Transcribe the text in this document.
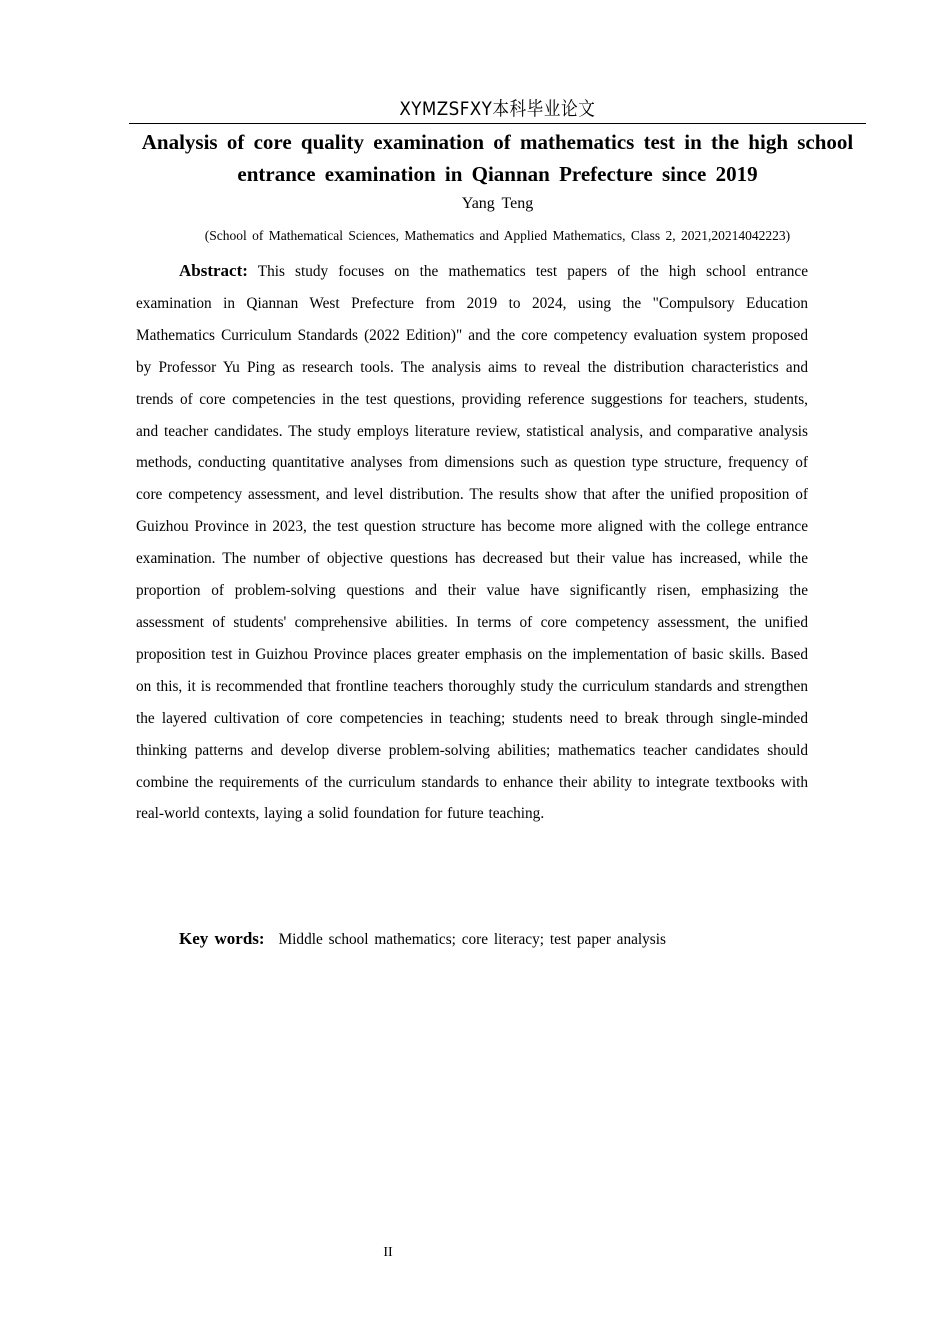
XYMZSFXY本科毕业论文
Analysis of core quality examination of mathematics test in the high school entrance examination in Qiannan Prefecture since 2019
Yang Teng
(School of Mathematical Sciences, Mathematics and Applied Mathematics, Class 2, 2021,20214042223)

Abstract: This study focuses on the mathematics test papers of the high school entrance examination in Qiannan West Prefecture from 2019 to 2024, using the "Compulsory Education Mathematics Curriculum Standards (2022 Edition)" and the core competency evaluation system proposed by Professor Yu Ping as research tools. The analysis aims to reveal the distribution characteristics and trends of core competencies in the test questions, providing reference suggestions for teachers, students, and teacher candidates. The study employs literature review, statistical analysis, and comparative analysis methods, conducting quantitative analyses from dimensions such as question type structure, frequency of core competency assessment, and level distribution. The results show that after the unified proposition of Guizhou Province in 2023, the test question structure has become more aligned with the college entrance examination. The number of objective questions has decreased but their value has increased, while the proportion of problem-solving questions and their value have significantly risen, emphasizing the assessment of students' comprehensive abilities. In terms of core competency assessment, the unified proposition test in Guizhou Province places greater emphasis on the implementation of basic skills. Based on this, it is recommended that frontline teachers thoroughly study the curriculum standards and strengthen the layered cultivation of core competencies in teaching; students need to break through single-minded thinking patterns and develop diverse problem-solving abilities; mathematics teacher candidates should combine the requirements of the curriculum standards to enhance their ability to integrate textbooks with real-world contexts, laying a solid foundation for future teaching.

Key words: Middle school mathematics; core literacy; test paper analysis
II
